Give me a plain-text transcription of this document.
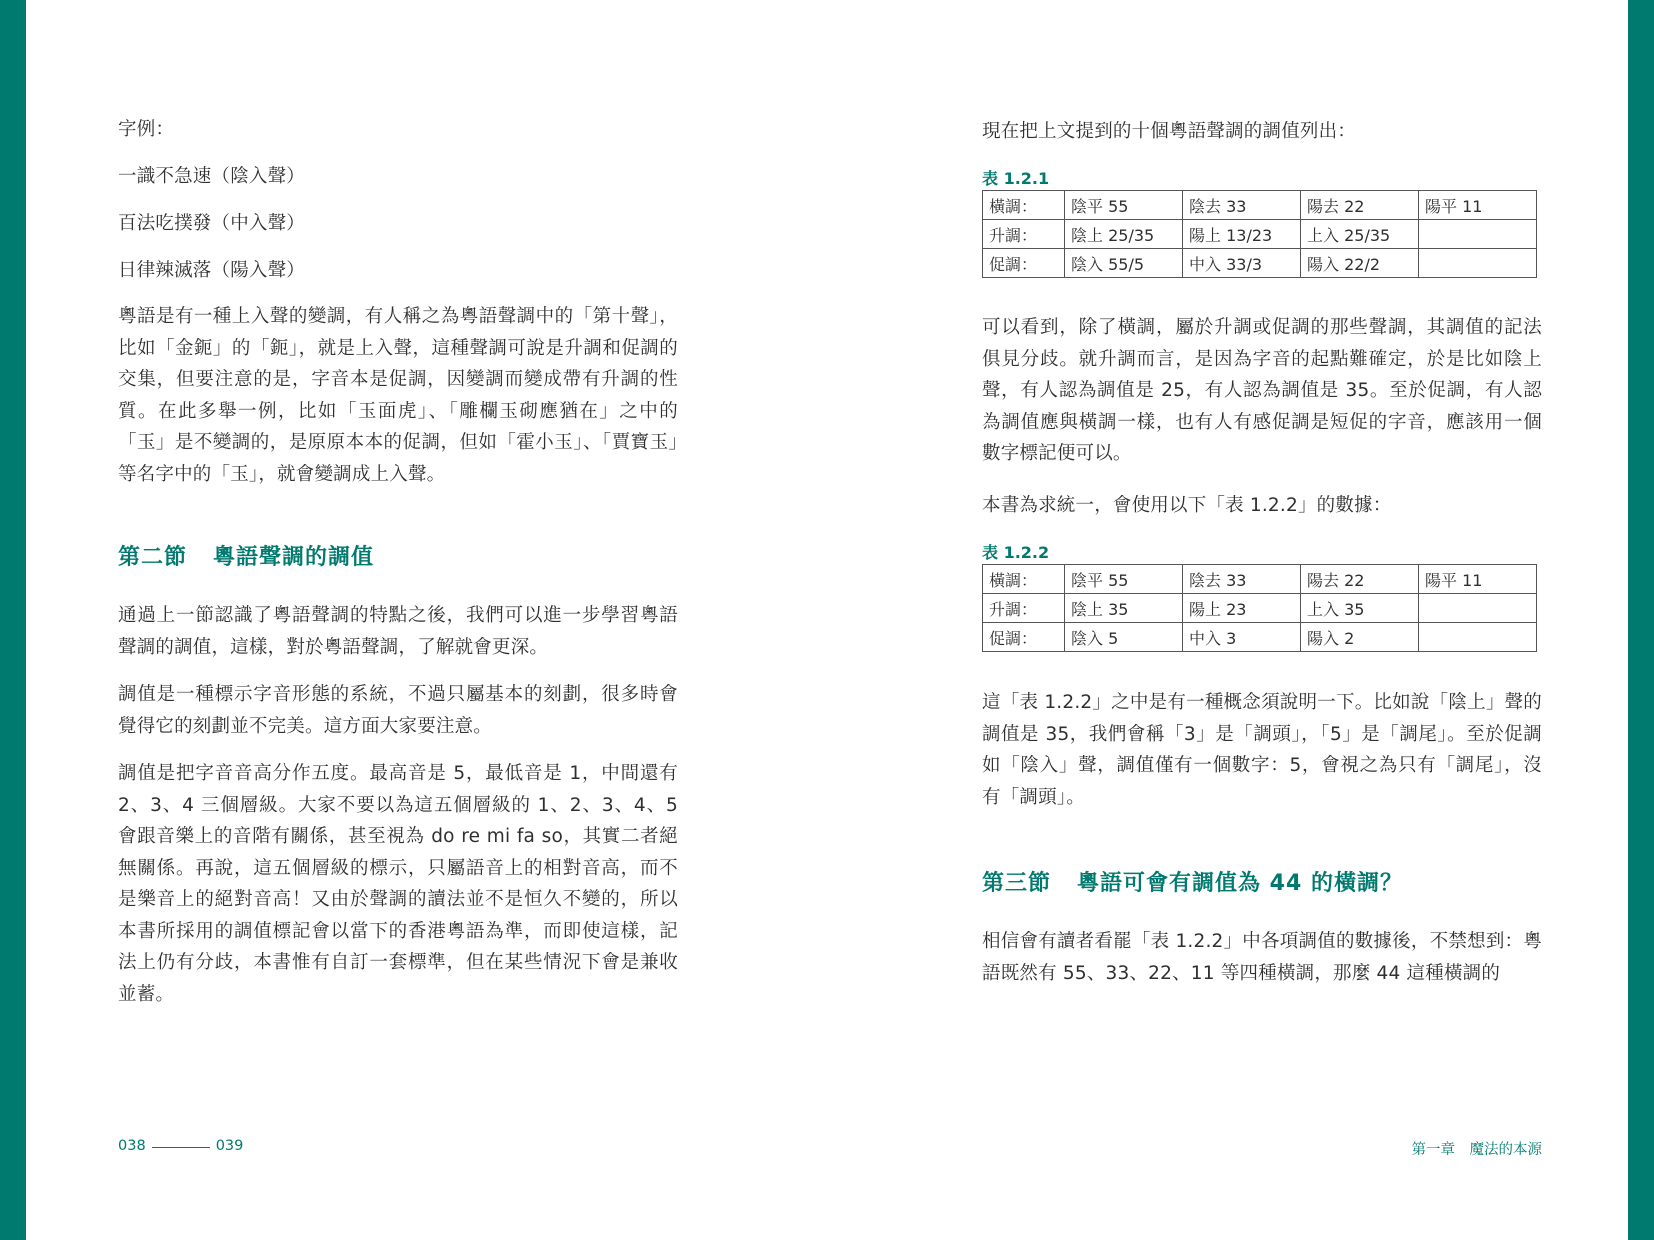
字例：

一識不急速（陰入聲）

百法吃撲發（中入聲）

日律辣滅落（陽入聲）

粵語是有一種上入聲的變調，有人稱之為粵語聲調中的「第十聲」，比如「金鈪」的「鈪」，就是上入聲，這種聲調可說是升調和促調的交集，但要注意的是，字音本是促調，因變調而變成帶有升調的性質。在此多舉一例，比如「玉面虎」、「雕欄玉砌應猶在」之中的「玉」是不變調的，是原原本本的促調，但如「霍小玉」、「賈寶玉」等名字中的「玉」，就會變調成上入聲。

第二節 粵語聲調的調值

通過上一節認識了粵語聲調的特點之後，我們可以進一步學習粵語聲調的調值，這樣，對於粵語聲調，了解就會更深。

調值是一種標示字音形態的系統，不過只屬基本的刻劃，很多時會覺得它的刻劃並不完美。這方面大家要注意。

調值是把字音音高分作五度。最高音是 5，最低音是 1，中間還有 2、3、4 三個層級。大家不要以為這五個層級的 1、2、3、4、5 會跟音樂上的音階有關係，甚至視為 do re mi fa so，其實二者絕無關係。再說，這五個層級的標示，只屬語音上的相對音高，而不是樂音上的絕對音高！又由於聲調的讀法並不是恒久不變的，所以本書所採用的調值標記會以當下的香港粵語為準，而即使這樣，記法上仍有分歧，本書惟有自訂一套標準，但在某些情況下會是兼收並蓄。

038	039

現在把上文提到的十個粵語聲調的調值列出：

表 1.2.1
橫調：	陰平 55	陰去 33	陽去 22	陽平 11
升調：	陰上 25/35	陽上 13/23	上入 25/35	
促調：	陰入 55/5	中入 33/3	陽入 22/2	

可以看到，除了橫調，屬於升調或促調的那些聲調，其調值的記法俱見分歧。就升調而言，是因為字音的起點難確定，於是比如陰上聲，有人認為調值是 25，有人認為調值是 35。至於促調，有人認為調值應與橫調一樣，也有人有感促調是短促的字音，應該用一個數字標記便可以。

本書為求統一，會使用以下「表 1.2.2」的數據：

表 1.2.2
橫調：	陰平 55	陰去 33	陽去 22	陽平 11
升調：	陰上 35	陽上 23	上入 35	
促調：	陰入 5	中入 3	陽入 2	

這「表 1.2.2」之中是有一種概念須說明一下。比如說「陰上」聲的調值是 35，我們會稱「3」是「調頭」，「5」是「調尾」。至於促調如「陰入」聲，調值僅有一個數字：5，會視之為只有「調尾」，沒有「調頭」。

第三節 粵語可會有調值為 44 的橫調？

相信會有讀者看罷「表 1.2.2」中各項調值的數據後，不禁想到：粵語既然有 55、33、22、11 等四種橫調，那麼 44 這種橫調的

第一章　魔法的本源
